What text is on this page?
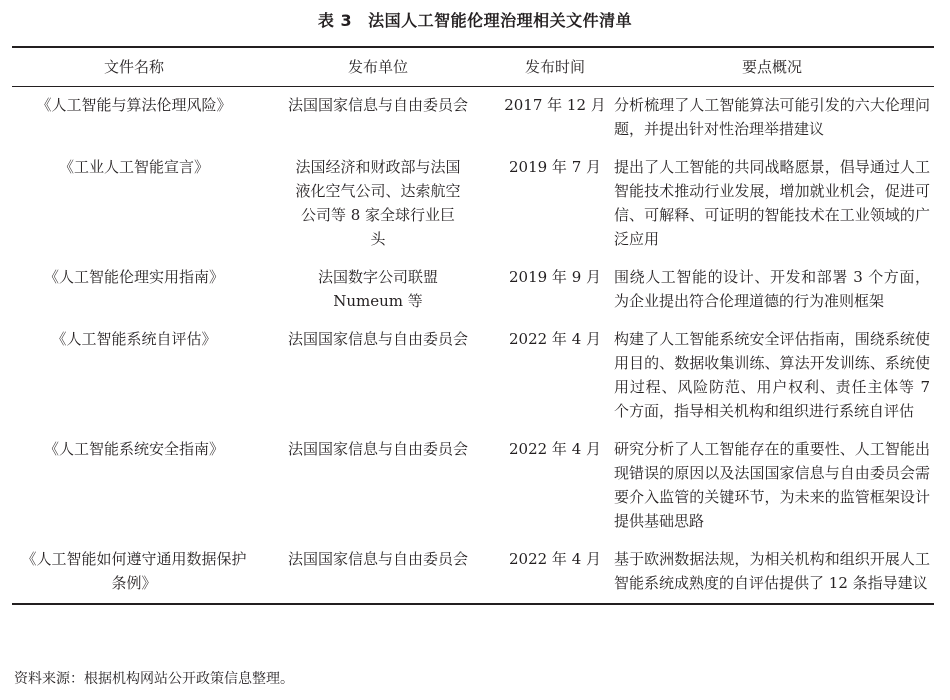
表 3 法国人工智能伦理治理相关文件清单
文件名称	发布单位	发布时间	要点概况
《人工智能与算法伦理风险》	法国国家信息与自由委员会	2017 年 12 月	分析梳理了人工智能算法可能引发的六大伦理问题，并提出针对性治理举措建议
《工业人工智能宣言》	法国经济和财政部与法国液化空气公司、达索航空公司等 8 家全球行业巨头	2019 年 7 月	提出了人工智能的共同战略愿景，倡导通过人工智能技术推动行业发展，增加就业机会，促进可信、可解释、可证明的智能技术在工业领域的广泛应用
《人工智能伦理实用指南》	法国数字公司联盟 Numeum 等	2019 年 9 月	围绕人工智能的设计、开发和部署 3 个方面，为企业提出符合伦理道德的行为准则框架
《人工智能系统自评估》	法国国家信息与自由委员会	2022 年 4 月	构建了人工智能系统安全评估指南，围绕系统使用目的、数据收集训练、算法开发训练、系统使用过程、风险防范、用户权利、责任主体等 7 个方面，指导相关机构和组织进行系统自评估
《人工智能系统安全指南》	法国国家信息与自由委员会	2022 年 4 月	研究分析了人工智能存在的重要性、人工智能出现错误的原因以及法国国家信息与自由委员会需要介入监管的关键环节，为未来的监管框架设计提供基础思路
《人工智能如何遵守通用数据保护条例》	法国国家信息与自由委员会	2022 年 4 月	基于欧洲数据法规，为相关机构和组织开展人工智能系统成熟度的自评估提供了 12 条指导建议
资料来源：根据机构网站公开政策信息整理。
